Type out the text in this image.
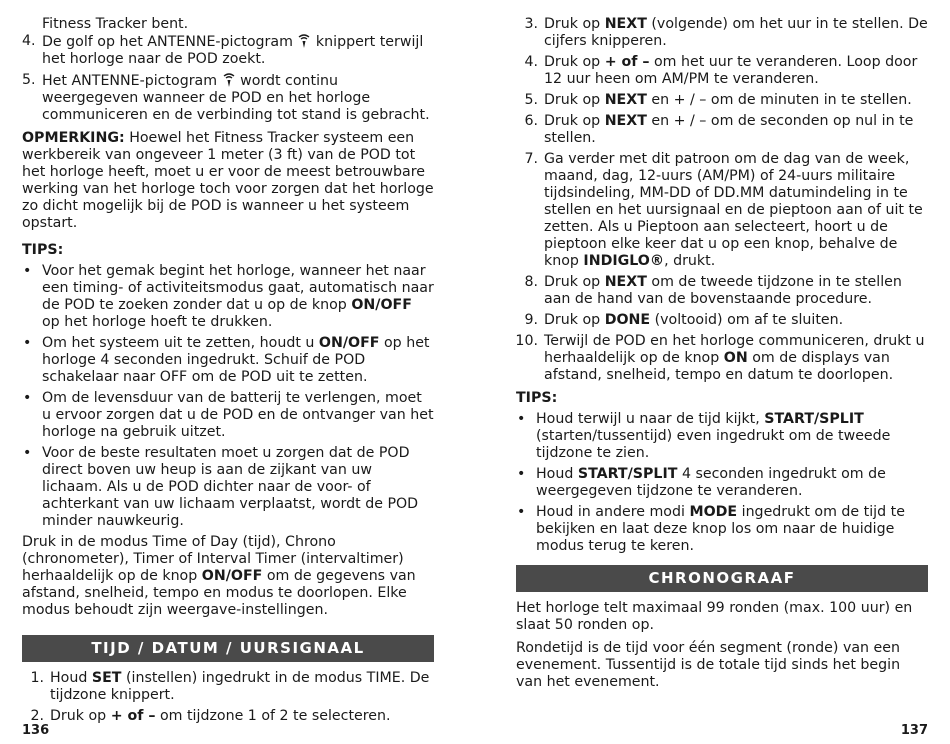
Fitness Tracker bent.

4. De golf op het ANTENNE-pictogram knippert terwijl het horloge naar de POD zoekt.
5. Het ANTENNE-pictogram wordt continu weergegeven wanneer de POD en het horloge communiceren en de verbinding tot stand is gebracht.

OPMERKING: Hoewel het Fitness Tracker systeem een werkbereik van ongeveer 1 meter (3 ft) van de POD tot het horloge heeft, moet u er voor de meest betrouwbare werking van het horloge toch voor zorgen dat het horloge zo dicht mogelijk bij de POD is wanneer u het systeem opstart.

TIPS:

• Voor het gemak begint het horloge, wanneer het naar een timing- of activiteitsmodus gaat, automatisch naar de POD te zoeken zonder dat u op de knop ON/OFF op het horloge hoeft te drukken.
• Om het systeem uit te zetten, houdt u ON/OFF op het horloge 4 seconden ingedrukt. Schuif de POD schakelaar naar OFF om de POD uit te zetten.
• Om de levensduur van de batterij te verlengen, moet u ervoor zorgen dat u de POD en de ontvanger van het horloge na gebruik uitzet.
• Voor de beste resultaten moet u zorgen dat de POD direct boven uw heup is aan de zijkant van uw lichaam. Als u de POD dichter naar de voor- of achterkant van uw lichaam verplaatst, wordt de POD minder nauwkeurig.

Druk in de modus Time of Day (tijd), Chrono (chronometer), Timer of Interval Timer (intervaltimer) herhaaldelijk op de knop ON/OFF om de gegevens van afstand, snelheid, tempo en modus te doorlopen. Elke modus behoudt zijn weergave-instellingen.

TIJD / DATUM / UURSIGNAAL
1. Houd SET (instellen) ingedrukt in de modus TIME. De tijdzone knippert.
2. Druk op + of – om tijdzone 1 of 2 te selecteren.
136
3. Druk op NEXT (volgende) om het uur in te stellen. De cijfers knipperen.
4. Druk op + of – om het uur te veranderen. Loop door 12 uur heen om AM/PM te veranderen.
5. Druk op NEXT en + / – om de minuten in te stellen.
6. Druk op NEXT en + / – om de seconden op nul in te stellen.
7. Ga verder met dit patroon om de dag van de week, maand, dag, 12-uurs (AM/PM) of 24-uurs militaire tijdsindeling, MM-DD of DD.MM datumindeling in te stellen en het uursignaal en de pieptoon aan of uit te zetten. Als u Pieptoon aan selecteert, hoort u de pieptoon elke keer dat u op een knop, behalve de knop INDIGLO®, drukt.
8. Druk op NEXT om de tweede tijdzone in te stellen aan de hand van de bovenstaande procedure.
9. Druk op DONE (voltooid) om af te sluiten.
10. Terwijl de POD en het horloge communiceren, drukt u herhaaldelijk op de knop ON om de displays van afstand, snelheid, tempo en datum te doorlopen.

TIPS:

• Houd terwijl u naar de tijd kijkt, START/SPLIT (starten/tussentijd) even ingedrukt om de tweede tijdzone te zien.
• Houd START/SPLIT 4 seconden ingedrukt om de weergegeven tijdzone te veranderen.
• Houd in andere modi MODE ingedrukt om de tijd te bekijken en laat deze knop los om naar de huidige modus terug te keren.
CHRONOGRAAF

Het horloge telt maximaal 99 ronden (max. 100 uur) en slaat 50 ronden op.

Rondetijd is de tijd voor één segment (ronde) van een evenement. Tussentijd is de totale tijd sinds het begin van het evenement.

137
